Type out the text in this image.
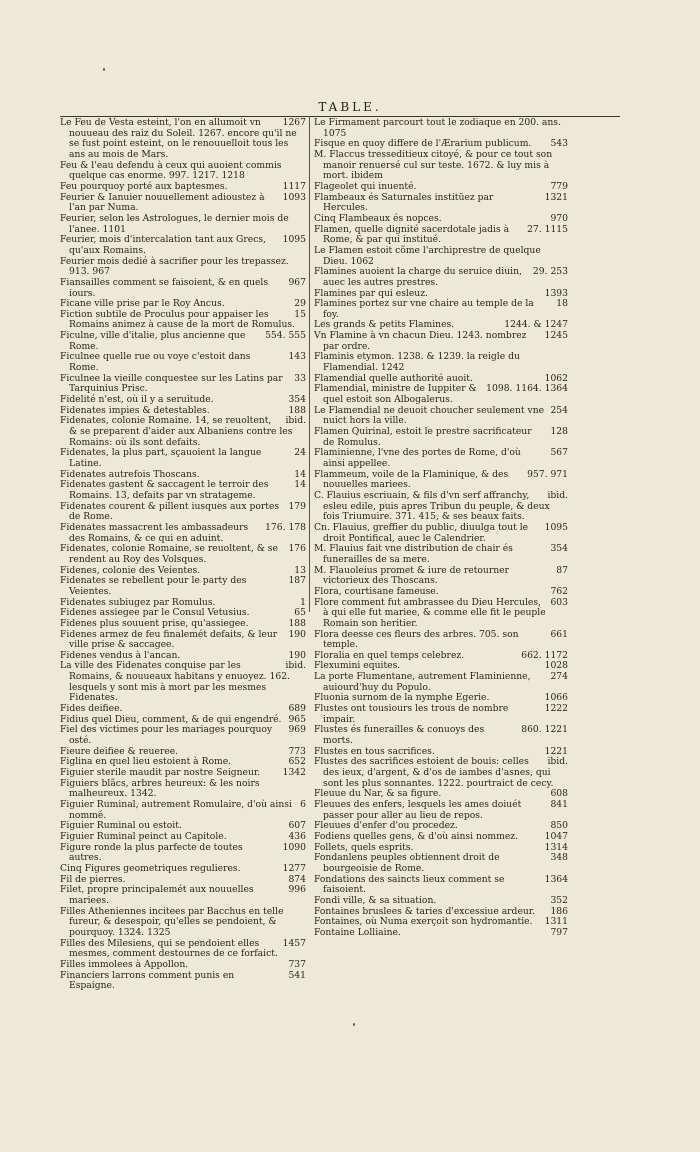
TABLE.

1267
Le Feu de Vesta esteint, l'on en allumoit vn nouueau des raiz du Soleil. 1267. encore qu'il ne se fust point esteint, on le renouuelloit tous les ans au mois de Mars.

Feu & l'eau defendu à ceux qui auoient commis quelque cas enorme. 997. 1217. 1218

1117
Feu pourquoy porté aux baptesmes.

1093
Feurier & Ianuier nouuellement adioustez à l'an par Numa.

Feurier, selon les Astrologues, le dernier mois de l'anee. 1101

1095
Feurier, mois d'intercalation tant aux Grecs, qu'aux Romains.

Feurier mois dedié à sacrifier pour les trepassez. 913. 967

967
Fiansailles comment se faisoient, & en quels iours.

29
Ficane ville prise par le Roy Ancus.

15
Fiction subtile de Proculus pour appaiser les Romains animez à cause de la mort de Romulus.

554. 555
Ficulne, ville d'italie, plus ancienne que Rome.

143
Ficulnee quelle rue ou voye c'estoit dans Rome.

33
Ficulnee la vieille conquestee sur les Latins par Tarquinius Prisc.

354
Fidelité n'est, où il y a seruitude.

188
Fidenates impies & detestables.

ibid.
Fidenates, colonie Romaine. 14, se reuoltent, & se preparent d'aider aux Albaniens contre les Romains: où ils sont defaits.

24
Fidenates, la plus part, sçauoient la langue Latine.

14
Fidenates autrefois Thoscans.

14
Fidenates gastent & saccagent le terroir des Romains. 13, defaits par vn stratageme.

179
Fidenates courent & pillent iusques aux portes de Rome.

176. 178
Fidenates massacrent les ambassadeurs des Romains, & ce qui en aduint.

176
Fidenates, colonie Romaine, se reuoltent, & se rendent au Roy des Volsques.

13
Fidenes, colonie des Veientes.

187
Fidenates se rebellent pour le party des Veientes.

1
Fidenates subiugez par Romulus.

65
Fidenes assiegee par le Consul Vetusius.

188
Fidenes plus souuent prise, qu'assiegee.

190
Fidenes armez de feu finalemét defaits, & leur ville prise & saccagee.

190
Fidenes vendus à l'ancan.

ibid.
La ville des Fidenates conquise par les Romains, & nouueaux habitans y enuoyez. 162. lesquels y sont mis à mort par les mesmes Fidenates.

689
Fides deifiee.

965
Fidius quel Dieu, comment, & de qui engendré.

969
Fiel des victimes pour les mariages pourquoy osté.

773
Fieure deifiee & reueree.

652
Figlina en quel lieu estoient à Rome.

1342
Figuier sterile maudit par nostre Seigneur.

Figuiers blãcs, arbres heureux: & les noirs malheureux. 1342.

6
Figuier Ruminal, autrement Romulaire, d'où ainsi nommé.

607
Figuier Ruminal ou estoit.

436
Figuier Ruminal peinct au Capitole.

1090
Figure ronde la plus parfecte de toutes autres.

1277
Cinq Figures geometriques regulieres.

874
Fil de pierres.

996
Filet, propre principalemét aux nouuelles mariees.

Filles Atheniennes incitees par Bacchus en telle fureur, & desespoir, qu'elles se pendoient, & pourquoy. 1324. 1325

1457
Filles des Milesiens, qui se pendoient elles mesmes, comment destournes de ce forfaict.

737
Filles immolees à Appollon.

541
Financiers larrons comment punis en Espaigne.

Le Firmament parcourt tout le zodiaque en 200. ans. 1075

543
Fisque en quoy differe de l'Ærarium publicum.

M. Flaccus tresseditieux citoyé, & pour ce tout son manoir renuersé cul sur teste. 1672. & luy mis à mort. ibidem

779
Flageolet qui inuenté.

1321
Flambeaux és Saturnales institüez par Hercules.

970
Cinq Flambeaux és nopces.

27. 1115
Flamen, quelle dignité sacerdotale jadis à Rome, & par qui institué.

Le Flamen estoit cõme l'archiprestre de quelque Dieu. 1062

29. 253
Flamines auoient la charge du seruice diuin, auec les autres prestres.

1393
Flamines par qui esleuz.

18
Flamines portez sur vne chaire au temple de la foy.

1244. & 1247
Les grands & petits Flamines.

1245
Vn Flamine à vn chacun Dieu. 1243. nombrez par ordre.

Flaminis etymon. 1238. & 1239. la reigle du Flamendial. 1242

1062
Flamendial quelle authorité auoit.

1098. 1164. 1364
Flamendial, ministre de Iuppiter & quel estoit son Albogalerus.

254
Le Flamendial ne deuoit choucher seulement vne nuict hors la ville.

128
Flamen Quirinal, estoit le prestre sacrificateur de Romulus.

567
Flaminienne, l'vne des portes de Rome, d'où ainsi appellee.

957. 971
Flammeum, voile de la Flaminique, & des nouuelles mariees.

ibid.
C. Flauius escriuain, & fils d'vn serf affranchy, esleu edile, puis apres Tribun du peuple, & deux fois Triumuire. 371. 415, & ses beaux faits.

1095
Cn. Flauius, greffier du public, diuulga tout le droit Pontifical, auec le Calendrier.

354
M. Flauius fait vne distribution de chair és funerailles de sa mere.

87
M. Flauoleius promet & iure de retourner victorieux des Thoscans.

762
Flora, courtisane fameuse.

603
Flore comment fut ambrassee du Dieu Hercules, à qui elle fut mariee, & comme elle fit le peuple Romain son heritier.

661
Flora deesse ces fleurs des arbres. 705. son temple.

662. 1172
Floralia en quel temps celebrez.

1028
Flexumini equites.

274
La porte Flumentane, autrement Flaminienne, auiourd'huy du Populo.

1066
Fluonia surnom de la nymphe Egerie.

1222
Flustes ont tousiours les trous de nombre impair.

860. 1221
Flustes és funerailles & conuoys des morts.

1221
Flustes en tous sacrifices.

ibid.
Flustes des sacrifices estoient de bouis: celles des ieux, d'argent, & d'os de iambes d'asnes, qui sont les plus sonnantes. 1222. pourtraict de cecy.

608
Fleuue du Nar, & sa figure.

841
Fleuues des enfers, lesquels les ames doiuét passer pour aller au lieu de repos.

850
Fleuues d'enfer d'ou procedez.

1047
Fodiens quelles gens, & d'où ainsi nommez.

1314
Follets, quels esprits.

348
Fondanlens peuples obtiennent droit de bourgeoisie de Rome.

1364
Fondations des saincts lieux comment se faisoient.

352
Fondi ville, & sa situation.

186
Fontaines bruslees & taries d'excessiue ardeur.

1311
Fontaines, où Numa exerçoit son hydromantie.

797
Fontaine Lolliaine.
